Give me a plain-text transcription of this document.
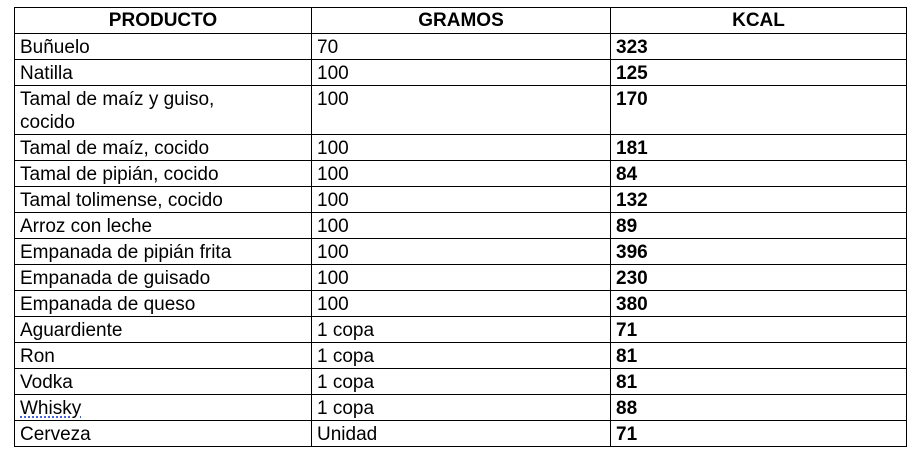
PRODUCTO	GRAMOS	KCAL
Buñuelo	70	323
Natilla	100	125
Tamal de maíz y guiso, cocido	100	170
Tamal de maíz, cocido	100	181
Tamal de pipián, cocido	100	84
Tamal tolimense, cocido	100	132
Arroz con leche	100	89
Empanada de pipián frita	100	396
Empanada de guisado	100	230
Empanada de queso	100	380
Aguardiente	1 copa	71
Ron	1 copa	81
Vodka	1 copa	81
Whisky	1 copa	88
Cerveza	Unidad	71
